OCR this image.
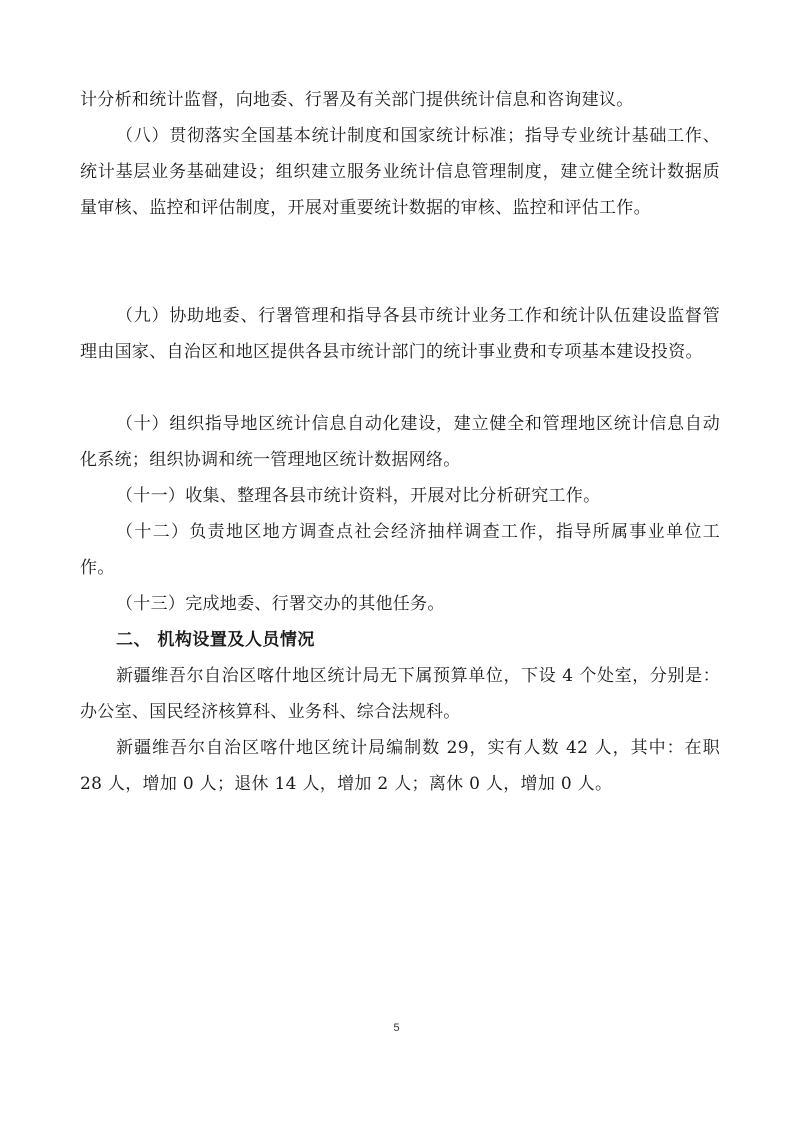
计分析和统计监督，向地委、行署及有关部门提供统计信息和咨询建议。

（八）贯彻落实全国基本统计制度和国家统计标准；指导专业统计基础工作、统计基层业务基础建设；组织建立服务业统计信息管理制度，建立健全统计数据质量审核、监控和评估制度，开展对重要统计数据的审核、监控和评估工作。

（九）协助地委、行署管理和指导各县市统计业务工作和统计队伍建设监督管理由国家、自治区和地区提供各县市统计部门的统计事业费和专项基本建设投资。

（十）组织指导地区统计信息自动化建设，建立健全和管理地区统计信息自动化系统；组织协调和统一管理地区统计数据网络。

（十一）收集、整理各县市统计资料，开展对比分析研究工作。

（十二）负责地区地方调查点社会经济抽样调查工作，指导所属事业单位工作。

（十三）完成地委、行署交办的其他任务。

二、 机构设置及人员情况

新疆维吾尔自治区喀什地区统计局无下属预算单位，下设 4 个处室，分别是：办公室、国民经济核算科、业务科、综合法规科。

新疆维吾尔自治区喀什地区统计局编制数 29，实有人数 42 人，其中：在职 28 人，增加 0 人；退休 14 人，增加 2 人；离休 0 人，增加 0 人。

5
